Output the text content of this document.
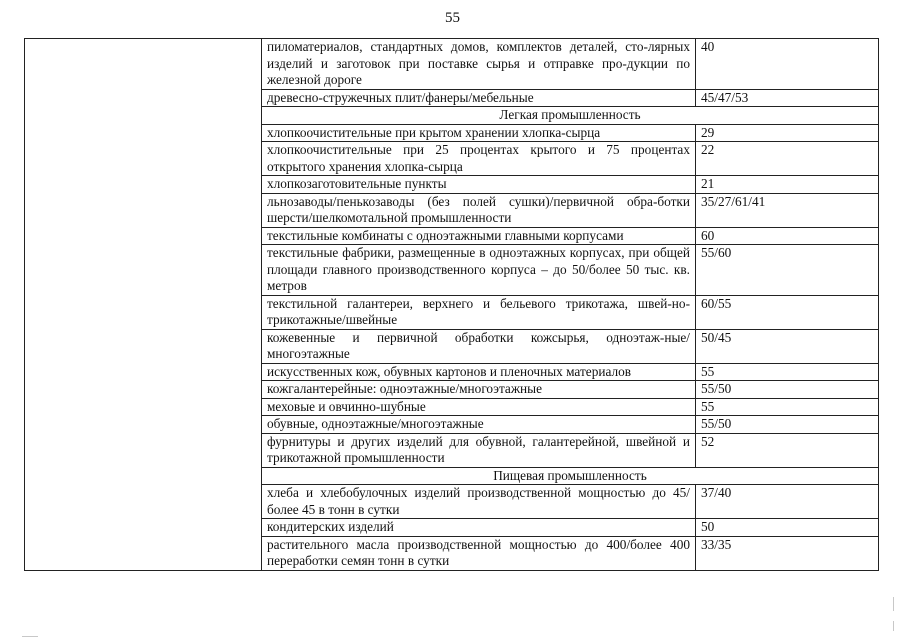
55
	пиломатериалов, стандартных домов, комплектов деталей, сто-лярных изделий и заготовок при поставке сырья и отправке про-дукции по железной дороге	40
	древесно-стружечных плит/фанеры/мебельные	45/47/53
	Легкая промышленность	
	хлопкоочистительные при крытом хранении хлопка-сырца	29
	хлопкоочистительные при 25 процентах крытого и 75 процентах открытого хранения хлопка-сырца	22
	хлопкозаготовительные пункты	21
	льнозаводы/пенькозаводы (без полей сушки)/первичной обра-ботки шерсти/шелкомотальной промышленности	35/27/61/41
	текстильные комбинаты с одноэтажными главными корпусами	60
	текстильные фабрики, размещенные в одноэтажных корпусах, при общей площади главного производственного корпуса – до 50/более 50 тыс. кв. метров	55/60
	текстильной галантереи, верхнего и бельевого трикотажа, швей-но-трикотажные/швейные	60/55
	кожевенные и первичной обработки кожсырья, одноэтаж-ные/многоэтажные	50/45
	искусственных кож, обувных картонов и пленочных материалов	55
	кожгалантерейные: одноэтажные/многоэтажные	55/50
	меховые и овчинно-шубные	55
	обувные, одноэтажные/многоэтажные	55/50
	фурнитуры и других изделий для обувной, галантерейной, швейной и трикотажной промышленности	52
	Пищевая промышленность	
	хлеба и хлебобулочных изделий производственной мощностью до 45/более 45 в тонн в сутки	37/40
	кондитерских изделий	50
	растительного масла производственной мощностью до 400/более 400 переработки семян тонн в сутки	33/35
